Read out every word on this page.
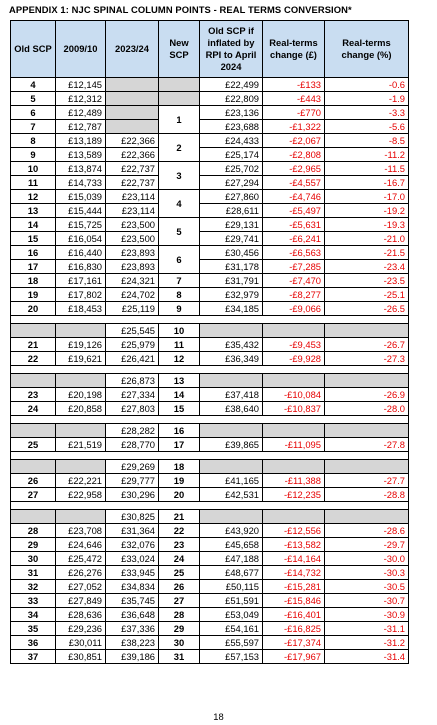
APPENDIX 1: NJC SPINAL COLUMN POINTS - REAL TERMS CONVERSION*
Old SCP	2009/10	2023/24	New SCP	Old SCP if inflated by RPI to April 2024	Real-terms change (£)	Real-terms change (%)
4	£12,145			£22,499	-£133	-0.6
5	£12,312			£22,809	-£443	-1.9
6	£12,489		1	£23,136	-£770	-3.3
7	£12,787			£23,688	-£1,322	-5.6
8	£13,189	£22,366	2	£24,433	-£2,067	-8.5
9	£13,589	£22,366		£25,174	-£2,808	-11.2
10	£13,874	£22,737	3	£25,702	-£2,965	-11.5
11	£14,733	£22,737		£27,294	-£4,557	-16.7
12	£15,039	£23,114	4	£27,860	-£4,746	-17.0
13	£15,444	£23,114		£28,611	-£5,497	-19.2
14	£15,725	£23,500	5	£29,131	-£5,631	-19.3
15	£16,054	£23,500		£29,741	-£6,241	-21.0
16	£16,440	£23,893	6	£30,456	-£6,563	-21.5
17	£16,830	£23,893		£31,178	-£7,285	-23.4
18	£17,161	£24,321	7	£31,791	-£7,470	-23.5
19	£17,802	£24,702	8	£32,979	-£8,277	-25.1
20	£18,453	£25,119	9	£34,185	-£9,066	-26.5

		£25,545	10			
21	£19,126	£25,979	11	£35,432	-£9,453	-26.7
22	£19,621	£26,421	12	£36,349	-£9,928	-27.3

		£26,873	13			
23	£20,198	£27,334	14	£37,418	-£10,084	-26.9
24	£20,858	£27,803	15	£38,640	-£10,837	-28.0

		£28,282	16			
25	£21,519	£28,770	17	£39,865	-£11,095	-27.8

		£29,269	18			
26	£22,221	£29,777	19	£41,165	-£11,388	-27.7
27	£22,958	£30,296	20	£42,531	-£12,235	-28.8

		£30,825	21			
28	£23,708	£31,364	22	£43,920	-£12,556	-28.6
29	£24,646	£32,076	23	£45,658	-£13,582	-29.7
30	£25,472	£33,024	24	£47,188	-£14,164	-30.0
31	£26,276	£33,945	25	£48,677	-£14,732	-30.3
32	£27,052	£34,834	26	£50,115	-£15,281	-30.5
33	£27,849	£35,745	27	£51,591	-£15,846	-30.7
34	£28,636	£36,648	28	£53,049	-£16,401	-30.9
35	£29,236	£37,336	29	£54,161	-£16,825	-31.1
36	£30,011	£38,223	30	£55,597	-£17,374	-31.2
37	£30,851	£39,186	31	£57,153	-£17,967	-31.4
18
